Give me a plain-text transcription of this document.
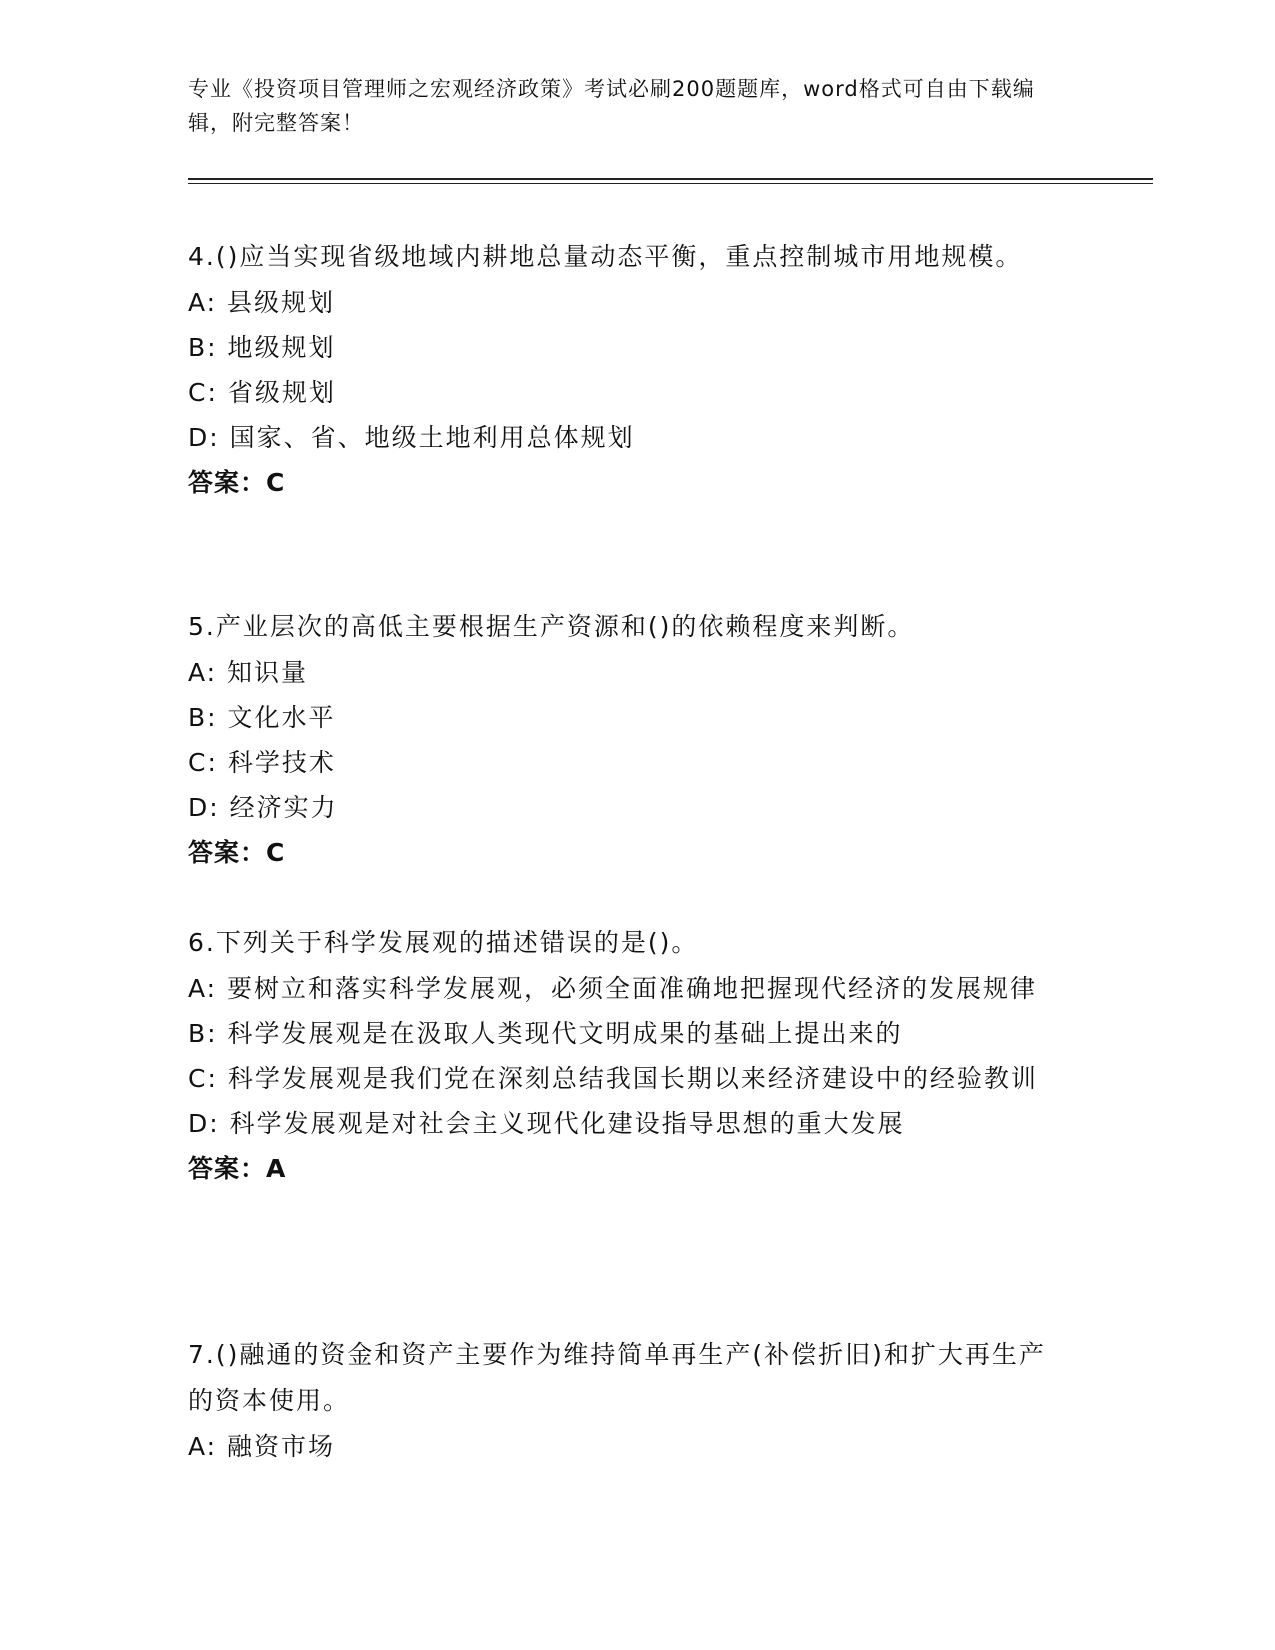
专业《投资项目管理师之宏观经济政策》考试必刷200题题库，word格式可自由下载编辑，附完整答案！

4.()应当实现省级地域内耕地总量动态平衡，重点控制城市用地规模。

A: 县级规划

B: 地级规划

C: 省级规划

D: 国家、省、地级土地利用总体规划

答案：C

5.产业层次的高低主要根据生产资源和()的依赖程度来判断。

A: 知识量

B: 文化水平

C: 科学技术

D: 经济实力

答案：C

6.下列关于科学发展观的描述错误的是()。

A: 要树立和落实科学发展观，必须全面准确地把握现代经济的发展规律

B: 科学发展观是在汲取人类现代文明成果的基础上提出来的

C: 科学发展观是我们党在深刻总结我国长期以来经济建设中的经验教训

D: 科学发展观是对社会主义现代化建设指导思想的重大发展

答案：A

7.()融通的资金和资产主要作为维持简单再生产(补偿折旧)和扩大再生产的资本使用。

A: 融资市场
